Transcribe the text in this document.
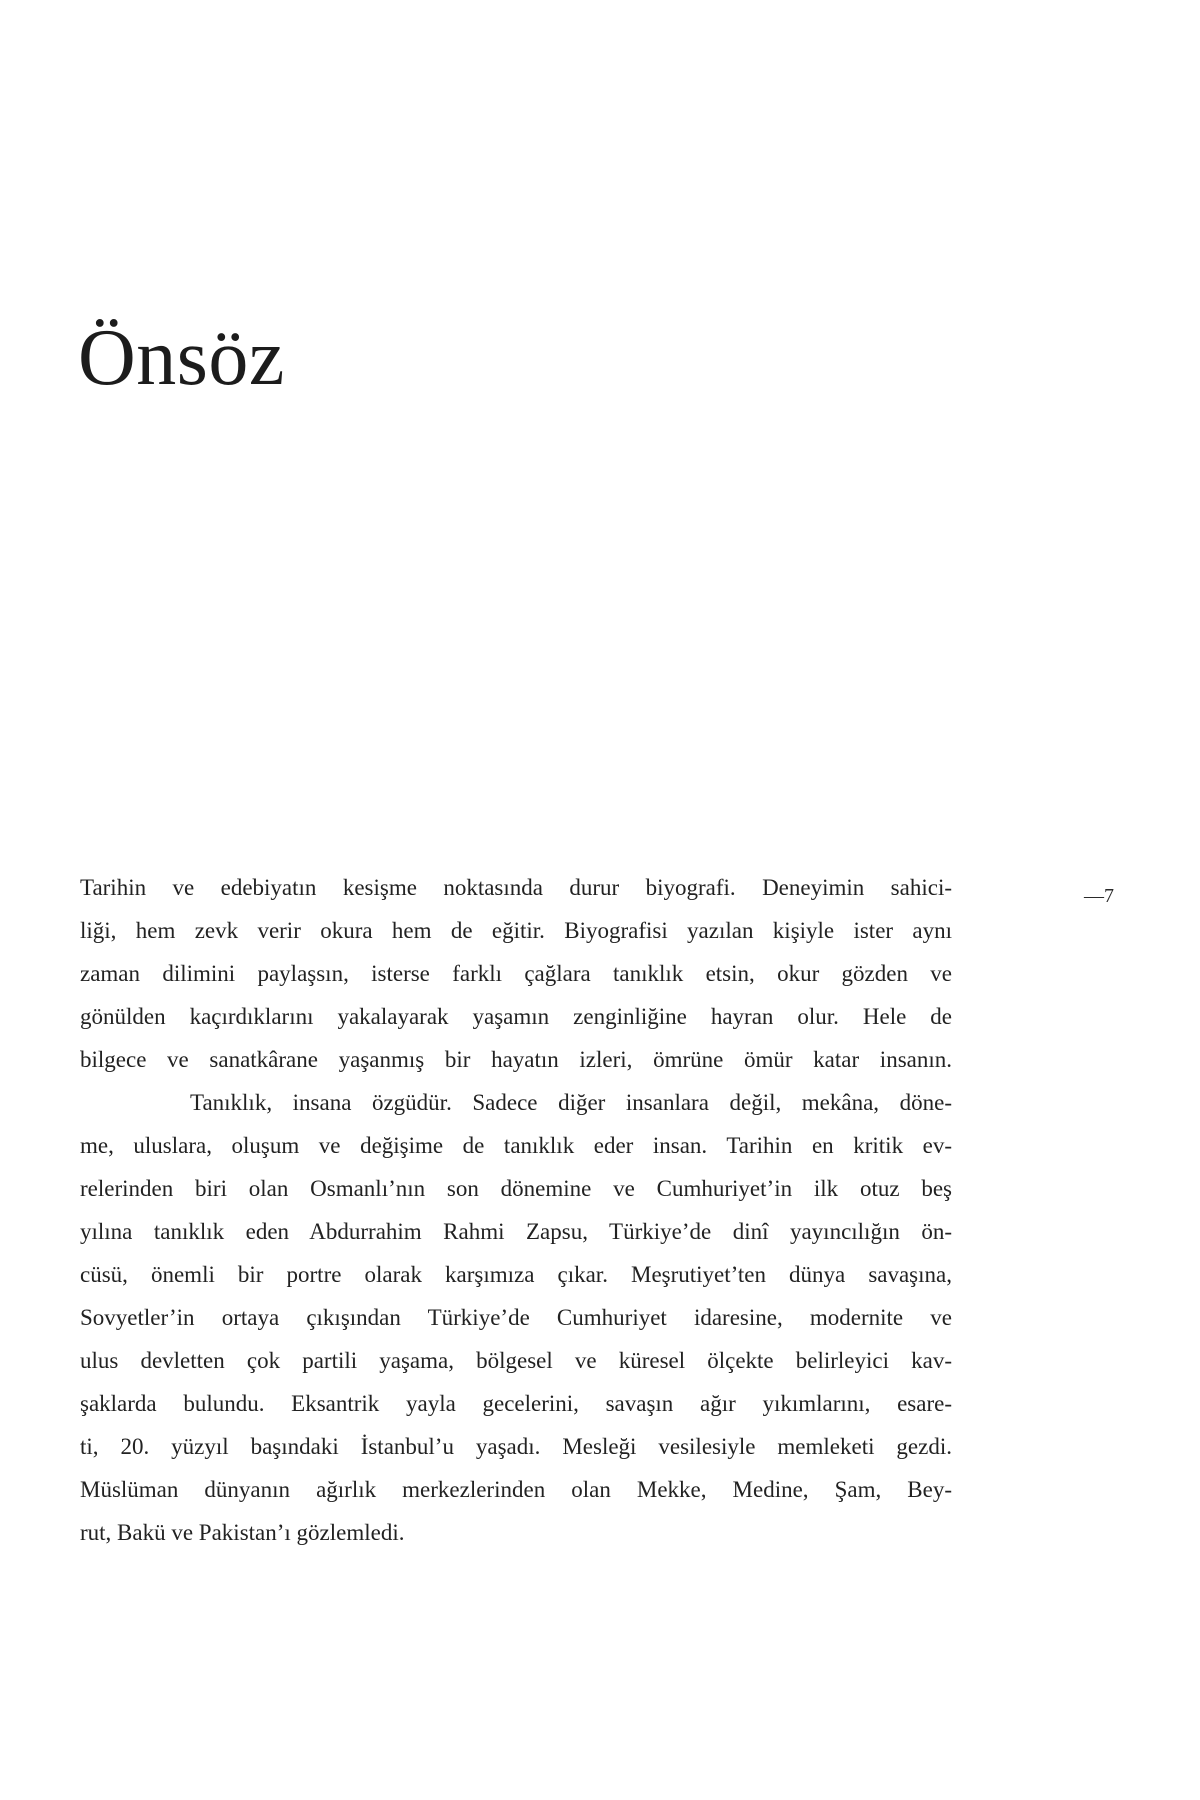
Önsöz
—7
Tarihin ve edebiyatın kesişme noktasında durur biyografi. Deneyimin sahici-
liği, hem zevk verir okura hem de eğitir. Biyografisi yazılan kişiyle ister aynı
zaman dilimini paylaşsın, isterse farklı çağlara tanıklık etsin, okur gözden ve
gönülden kaçırdıklarını yakalayarak yaşamın zenginliğine hayran olur. Hele de
bilgece ve sanatkârane yaşanmış bir hayatın izleri, ömrüne ömür katar insanın.
Tanıklık, insana özgüdür. Sadece diğer insanlara değil, mekâna, döne-
me, uluslara, oluşum ve değişime de tanıklık eder insan. Tarihin en kritik ev-
relerinden biri olan Osmanlı’nın son dönemine ve Cumhuriyet’in ilk otuz beş
yılına tanıklık eden Abdurrahim Rahmi Zapsu, Türkiye’de dinî yayıncılığın ön-
cüsü, önemli bir portre olarak karşımıza çıkar. Meşrutiyet’ten dünya savaşına,
Sovyetler’in ortaya çıkışından Türkiye’de Cumhuriyet idaresine, modernite ve
ulus devletten çok partili yaşama, bölgesel ve küresel ölçekte belirleyici kav-
şaklarda bulundu. Eksantrik yayla gecelerini, savaşın ağır yıkımlarını, esare-
ti, 20. yüzyıl başındaki İstanbul’u yaşadı. Mesleği vesilesiyle memleketi gezdi.
Müslüman dünyanın ağırlık merkezlerinden olan Mekke, Medine, Şam, Bey-
rut, Bakü ve Pakistan’ı gözlemledi.
